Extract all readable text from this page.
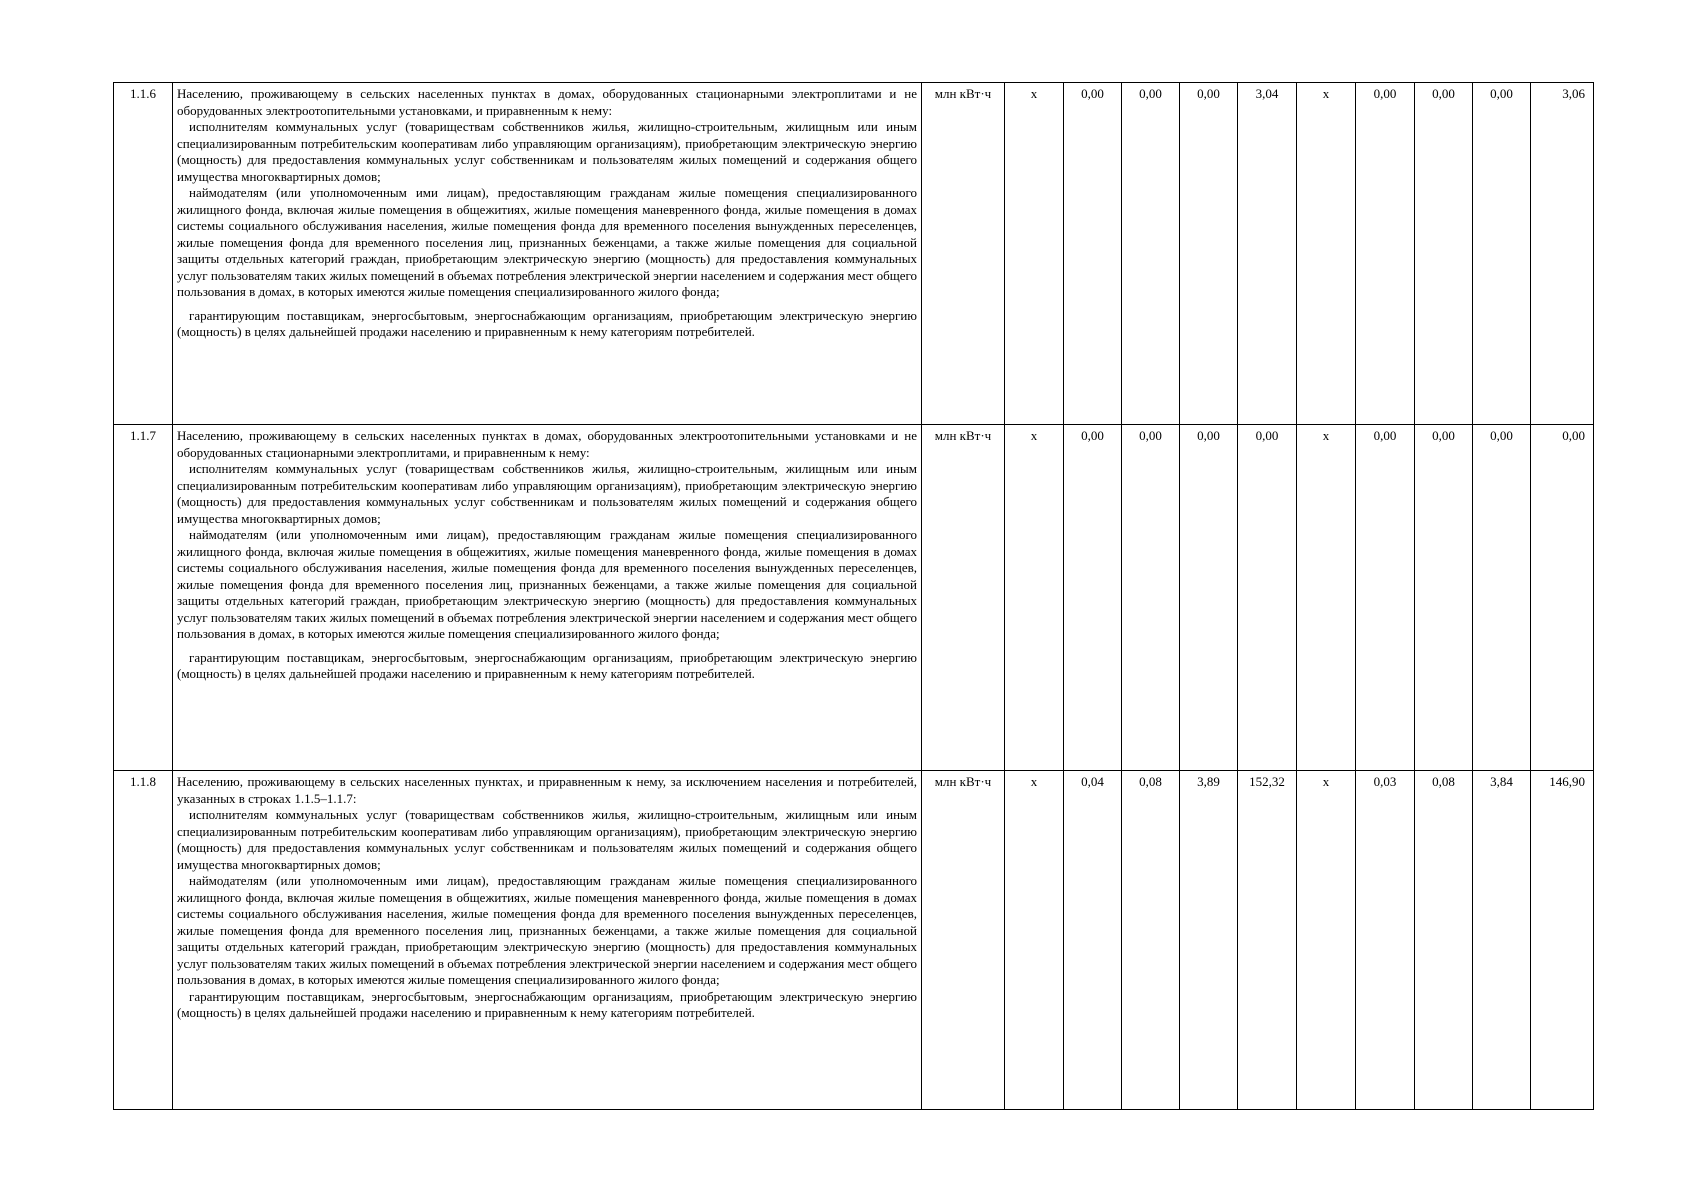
1.1.6	Населению, проживающему в сельских населенных пунктах в домах, оборудованных стационарными электроплитами и не оборудованных электроотопительными установками, и приравненным к нему:

исполнителям коммунальных услуг (товариществам собственников жилья, жилищно-строительным, жилищным или иным специализированным потребительским кооперативам либо управляющим организациям), приобретающим электрическую энергию (мощность) для предоставления коммунальных услуг собственникам и пользователям жилых помещений и содержания общего имущества многоквартирных домов;

наймодателям (или уполномоченным ими лицам), предоставляющим гражданам жилые помещения специализированного жилищного фонда, включая жилые помещения в общежитиях, жилые помещения маневренного фонда, жилые помещения в домах системы социального обслуживания населения, жилые помещения фонда для временного поселения вынужденных переселенцев, жилые помещения фонда для временного поселения лиц, признанных беженцами, а также жилые помещения для социальной защиты отдельных категорий граждан, приобретающим электрическую энергию (мощность) для предоставления коммунальных услуг пользователям таких жилых помещений в объемах потребления электрической энергии населением и содержания мест общего пользования в домах, в которых имеются жилые помещения специализированного жилого фонда;

гарантирующим поставщикам, энергосбытовым, энергоснабжающим организациям, приобретающим электрическую энергию (мощность) в целях дальнейшей продажи населению и приравненным к нему категориям потребителей.	млн кВт·ч	x	0,00	0,00	0,00	3,04	x	0,00	0,00	0,00	3,06
1.1.7	Населению, проживающему в сельских населенных пунктах в домах, оборудованных электроотопительными установками и не оборудованных стационарными электроплитами, и приравненным к нему:

исполнителям коммунальных услуг (товариществам собственников жилья, жилищно-строительным, жилищным или иным специализированным потребительским кооперативам либо управляющим организациям), приобретающим электрическую энергию (мощность) для предоставления коммунальных услуг собственникам и пользователям жилых помещений и содержания общего имущества многоквартирных домов;

наймодателям (или уполномоченным ими лицам), предоставляющим гражданам жилые помещения специализированного жилищного фонда, включая жилые помещения в общежитиях, жилые помещения маневренного фонда, жилые помещения в домах системы социального обслуживания населения, жилые помещения фонда для временного поселения вынужденных переселенцев, жилые помещения фонда для временного поселения лиц, признанных беженцами, а также жилые помещения для социальной защиты отдельных категорий граждан, приобретающим электрическую энергию (мощность) для предоставления коммунальных услуг пользователям таких жилых помещений в объемах потребления электрической энергии населением и содержания мест общего пользования в домах, в которых имеются жилые помещения специализированного жилого фонда;

гарантирующим поставщикам, энергосбытовым, энергоснабжающим организациям, приобретающим электрическую энергию (мощность) в целях дальнейшей продажи населению и приравненным к нему категориям потребителей.	млн кВт·ч	x	0,00	0,00	0,00	0,00	x	0,00	0,00	0,00	0,00
1.1.8	Населению, проживающему в сельских населенных пунктах, и приравненным к нему, за исключением населения и потребителей, указанных в строках 1.1.5–1.1.7:

исполнителям коммунальных услуг (товариществам собственников жилья, жилищно-строительным, жилищным или иным специализированным потребительским кооперативам либо управляющим организациям), приобретающим электрическую энергию (мощность) для предоставления коммунальных услуг собственникам и пользователям жилых помещений и содержания общего имущества многоквартирных домов;

наймодателям (или уполномоченным ими лицам), предоставляющим гражданам жилые помещения специализированного жилищного фонда, включая жилые помещения в общежитиях, жилые помещения маневренного фонда, жилые помещения в домах системы социального обслуживания населения, жилые помещения фонда для временного поселения вынужденных переселенцев, жилые помещения фонда для временного поселения лиц, признанных беженцами, а также жилые помещения для социальной защиты отдельных категорий граждан, приобретающим электрическую энергию (мощность) для предоставления коммунальных услуг пользователям таких жилых помещений в объемах потребления электрической энергии населением и содержания мест общего пользования в домах, в которых имеются жилые помещения специализированного жилого фонда;

гарантирующим поставщикам, энергосбытовым, энергоснабжающим организациям, приобретающим электрическую энергию (мощность) в целях дальнейшей продажи населению и приравненным к нему категориям потребителей.	млн кВт·ч	x	0,04	0,08	3,89	152,32	x	0,03	0,08	3,84	146,90
